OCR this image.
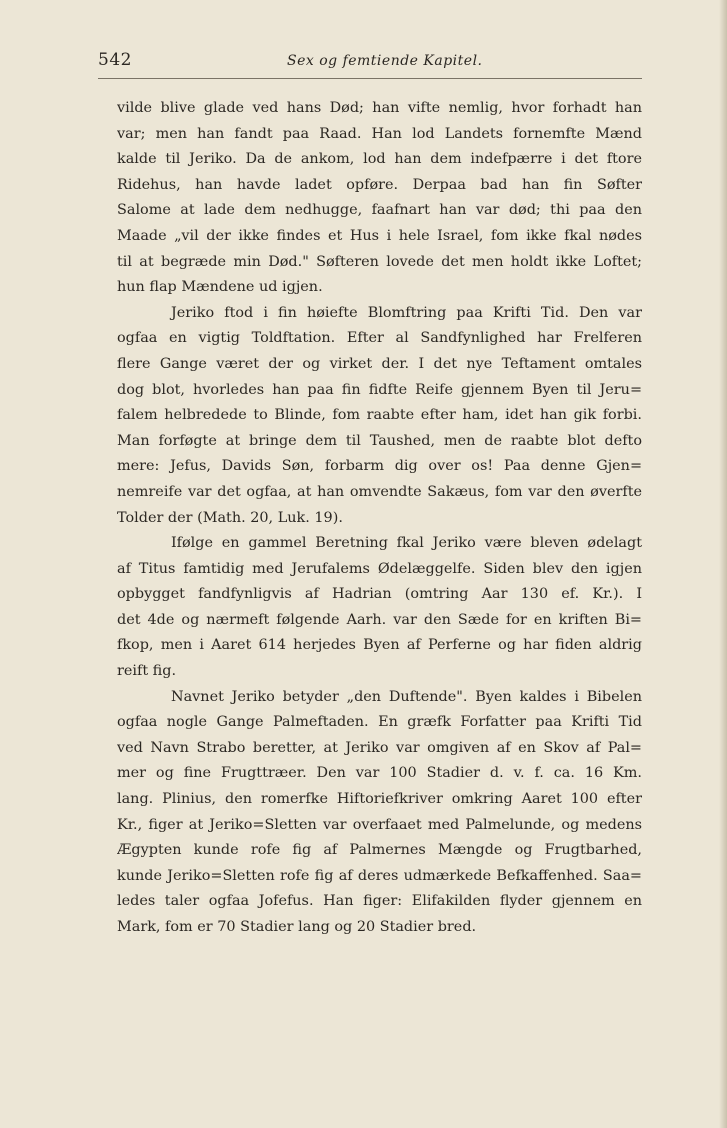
542	Sex og femtiende Kapitel.
vilde blive glade ved hans Død; han vifte nemlig, hvor forhadt han
var; men han fandt paa Raad. Han lod Landets fornemfte Mænd
kalde til Jeriko. Da de ankom, lod han dem indefpærre i det ftore
Ridehus, han havde ladet opføre. Derpaa bad han fin Søfter
Salome at lade dem nedhugge, faafnart han var død; thi paa den
Maade „vil der ikke findes et Hus i hele Israel, fom ikke fkal nødes
til at begræde min Død." Søfteren lovede det men holdt ikke Loftet;
hun flap Mændene ud igjen.
Jeriko ftod i fin høiefte Blomftring paa Krifti Tid. Den var
ogfaa en vigtig Toldftation. Efter al Sandfynlighed har Frelferen
flere Gange været der og virket der. I det nye Teftament omtales
dog blot, hvorledes han paa fin fidfte Reife gjennem Byen til Jeru=
falem helbredede to Blinde, fom raabte efter ham, idet han gik forbi.
Man forføgte at bringe dem til Taushed, men de raabte blot defto
mere: Jefus, Davids Søn, forbarm dig over os! Paa denne Gjen=
nemreife var det ogfaa, at han omvendte Sakæus, fom var den øverfte
Tolder der (Math. 20, Luk. 19).
Ifølge en gammel Beretning fkal Jeriko være bleven ødelagt
af Titus famtidig med Jerufalems Ødelæggelfe. Siden blev den igjen
opbygget fandfynligvis af Hadrian (omtring Aar 130 ef. Kr.). I
det 4de og nærmeft følgende Aarh. var den Sæde for en kriften Bi=
fkop, men i Aaret 614 herjedes Byen af Perferne og har fiden aldrig
reift fig.
Navnet Jeriko betyder „den Duftende". Byen kaldes i Bibelen
ogfaa nogle Gange Palmeftaden. En græfk Forfatter paa Krifti Tid
ved Navn Strabo beretter, at Jeriko var omgiven af en Skov af Pal=
mer og fine Frugttræer. Den var 100 Stadier d. v. f. ca. 16 Km.
lang. Plinius, den romerfke Hiftoriefkriver omkring Aaret 100 efter
Kr., figer at Jeriko=Sletten var overfaaet med Palmelunde, og medens
Ægypten kunde rofe fig af Palmernes Mængde og Frugtbarhed,
kunde Jeriko=Sletten rofe fig af deres udmærkede Befkaffenhed. Saa=
ledes taler ogfaa Jofefus. Han figer: Elifakilden flyder gjennem en
Mark, fom er 70 Stadier lang og 20 Stadier bred.
